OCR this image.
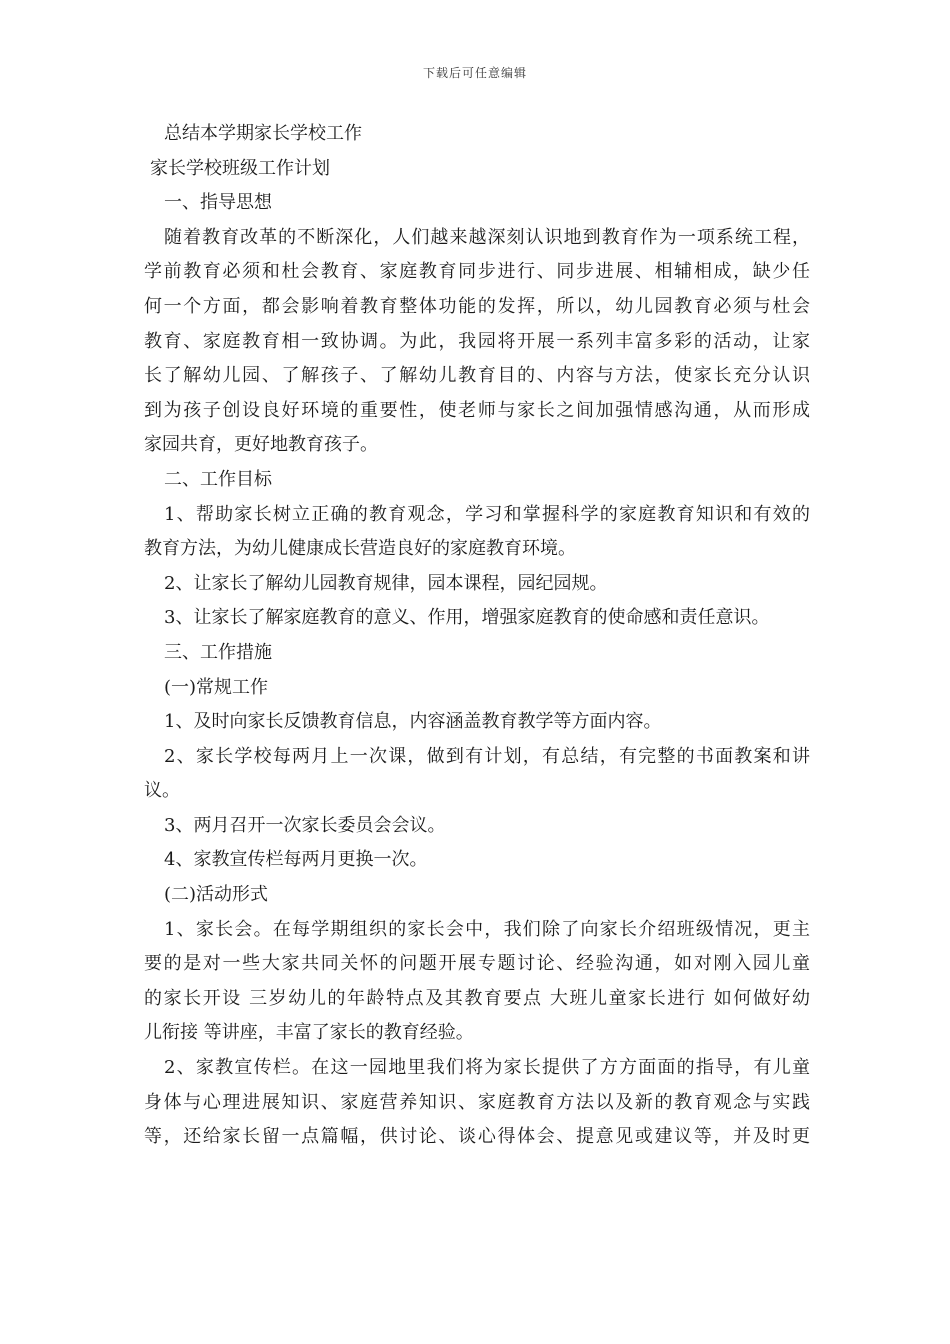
下载后可任意编辑
总结本学期家长学校工作
家长学校班级工作计划
一、指导思想
随着教育改革的不断深化，人们越来越深刻认识地到教育作为一项系统工程，
学前教育必须和杜会教育、家庭教育同步进行、同步进展、相辅相成，缺少任
何一个方面，都会影响着教育整体功能的发挥，所以，幼儿园教育必须与杜会
教育、家庭教育相一致协调。为此，我园将开展一系列丰富多彩的活动，让家
长了解幼儿园、了解孩子、了解幼儿教育目的、内容与方法，使家长充分认识
到为孩子创设良好环境的重要性，使老师与家长之间加强情感沟通，从而形成
家园共育，更好地教育孩子。
二、工作目标
1、帮助家长树立正确的教育观念，学习和掌握科学的家庭教育知识和有效的
教育方法，为幼儿健康成长营造良好的家庭教育环境。
2、让家长了解幼儿园教育规律，园本课程，园纪园规。
3、让家长了解家庭教育的意义、作用，增强家庭教育的使命感和责任意识。
三、工作措施
(一)常规工作
1、及时向家长反馈教育信息，内容涵盖教育教学等方面内容。
2、家长学校每两月上一次课，做到有计划，有总结，有完整的书面教案和讲
议。
3、两月召开一次家长委员会会议。
4、家教宣传栏每两月更换一次。
(二)活动形式
1、家长会。在每学期组织的家长会中，我们除了向家长介绍班级情况，更主
要的是对一些大家共同关怀的问题开展专题讨论、经验沟通，如对刚入园儿童
的家长开设 三岁幼儿的年龄特点及其教育要点 大班儿童家长进行 如何做好幼
儿衔接 等讲座，丰富了家长的教育经验。
2、家教宣传栏。在这一园地里我们将为家长提供了方方面面的指导，有儿童
身体与心理进展知识、家庭营养知识、家庭教育方法以及新的教育观念与实践
等，还给家长留一点篇幅，供讨论、谈心得体会、提意见或建议等，并及时更
